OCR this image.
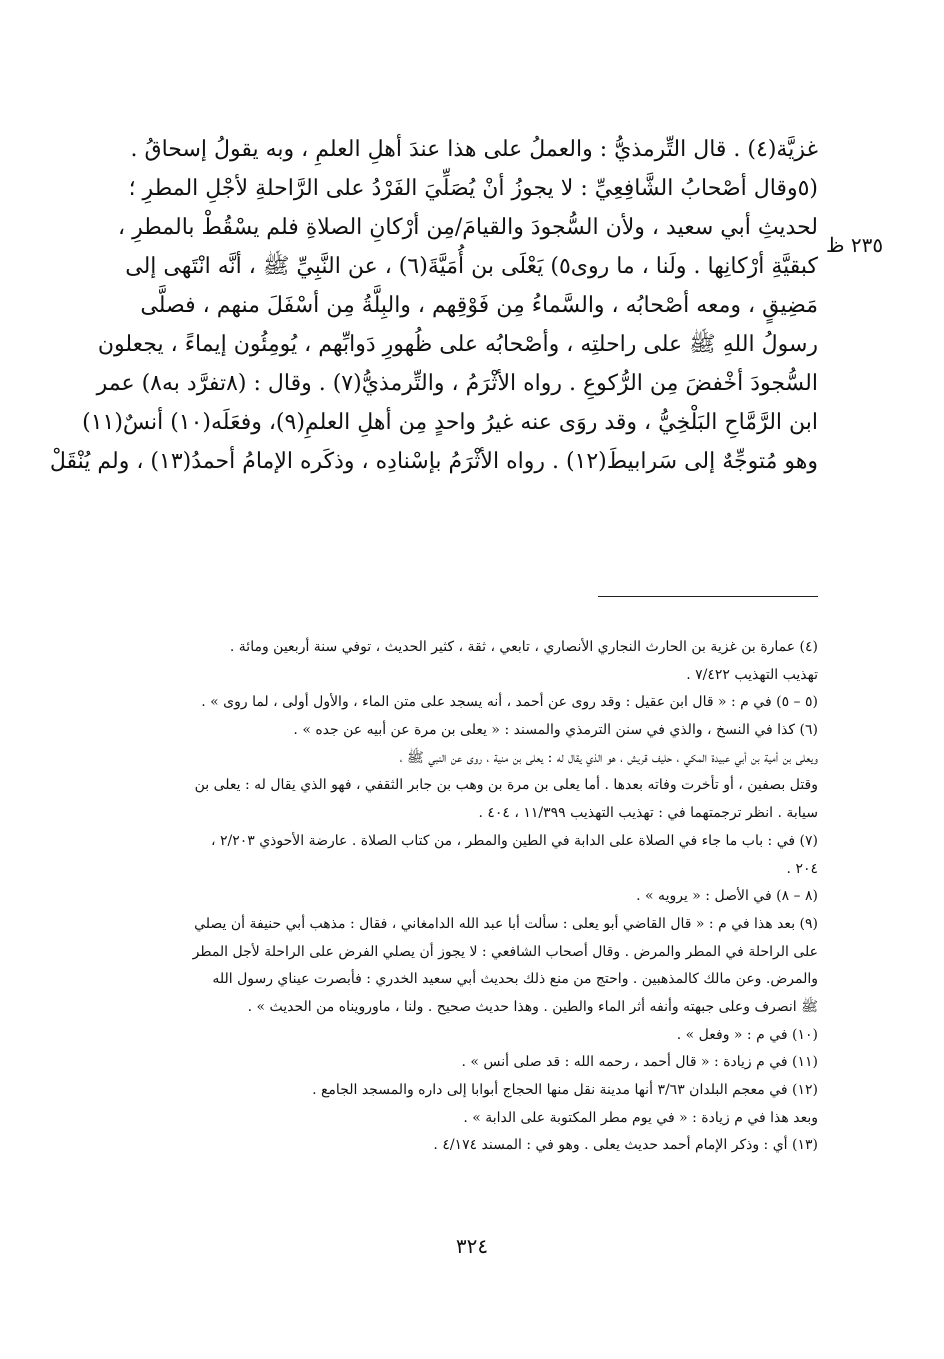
٢٣٥ ظ
غزيَّة(٤) . قال التِّرمذيُّ : والعملُ على هذا عندَ أهلِ العلمِ ، وبه يقولُ إسحاقُ .
(٥وقال أصْحابُ الشَّافِعِيِّ : لا يجوزُ أنْ يُصَلِّيَ الفَرْدُ على الرَّاحلةِ لأجْلِ المطرِ ؛
لحديثِ أبي سعيد ، ولأن السُّجودَ والقيامَ/مِن أرْكانِ الصلاةِ فلم يسْقُطْ بالمطرِ ،
كبقيَّةِ أرْكانِها . ولَنا ، ما روى٥) يَعْلَى بن أُمَيَّةَ(٦) ، عن النَّبِيِّ ﷺ ، أنَّه انْتَهى إلى
مَضِيقٍ ، ومعه أصْحابُه ، والسَّماءُ مِن فَوْقِهم ، والبِلَّةُ مِن أسْفَلَ منهم ، فصلَّى
رسولُ اللهِ ﷺ على راحلتِه ، وأصْحابُه على ظُهورِ دَوابِّهم ، يُومِئُون إيماءً ، يجعلون
السُّجودَ أخْفضَ مِن الرُّكوعِ . رواه الأثْرَمُ ، والتِّرمذيُّ(٧) . وقال : (٨تفرَّد به٨) عمر
ابن الرَّمَّاحِ البَلْخِيُّ ، وقد روَى عنه غيرُ واحدٍ مِن أهلِ العلمِ(٩)، وفعَلَه(١٠) أنسٌ(١١)
وهو مُتوجِّهٌ إلى سَرابيطَ(١٢) . رواه الأثْرَمُ بإسْنادِه ، وذكَره الإمامُ أحمدُ(١٣) ، ولم يُنْقَلْ
(٤) عمارة بن غزية بن الحارث النجاري الأنصاري ، تابعي ، ثقة ، كثير الحديث ، توفي سنة أربعين ومائة .
تهذيب التهذيب ٧/٤٢٢ .
(٥ – ٥) في م : « قال ابن عقيل : وقد روى عن أحمد ، أنه يسجد على متن الماء ، والأول أولى ، لما روى » .
(٦) كذا في النسخ ، والذي في سنن الترمذي والمسند : « يعلى بن مرة عن أبيه عن جده » .
ويعلى بن أمية بن أبي عبيدة المكي ، حليف قريش ، هو الذي يقال له : يعلى بن منية ، روى عن النبي ﷺ ،
وقتل بصفين ، أو تأخرت وفاته بعدها . أما يعلى بن مرة بن وهب بن جابر الثقفي ، فهو الذي يقال له : يعلى بن
سيابة . انظر ترجمتهما في : تهذيب التهذيب ١١/٣٩٩ ، ٤٠٤ .
(٧) في : باب ما جاء في الصلاة على الدابة في الطين والمطر ، من كتاب الصلاة . عارضة الأحوذي ٢/٢٠٣ ،
٢٠٤ .
(٨ – ٨) في الأصل : « يرويه » .
(٩) بعد هذا في م : « قال القاضي أبو يعلى : سألت أبا عبد الله الدامغاني ، فقال : مذهب أبي حنيفة أن يصلي
على الراحلة في المطر والمرض . وقال أصحاب الشافعي : لا يجوز أن يصلي الفرض على الراحلة لأجل المطر
والمرض. وعن مالك كالمذهبين . واحتج من منع ذلك بحديث أبي سعيد الخدري : فأبصرت عيناي رسول الله
ﷺ انصرف وعلى جبهته وأنفه أثر الماء والطين . وهذا حديث صحيح . ولنا ، ماورويناه من الحديث » .
(١٠) في م : « وفعل » .
(١١) في م زيادة : « قال أحمد ، رحمه الله : قد صلى أنس » .
(١٢) في معجم البلدان ٣/٦٣ أنها مدينة نقل منها الحجاج أبوابا إلى داره والمسجد الجامع .
وبعد هذا في م زيادة : « في يوم مطر المكتوبة على الدابة » .
(١٣) أي : وذكر الإمام أحمد حديث يعلى . وهو في : المسند ٤/١٧٤ .
٣٢٤
